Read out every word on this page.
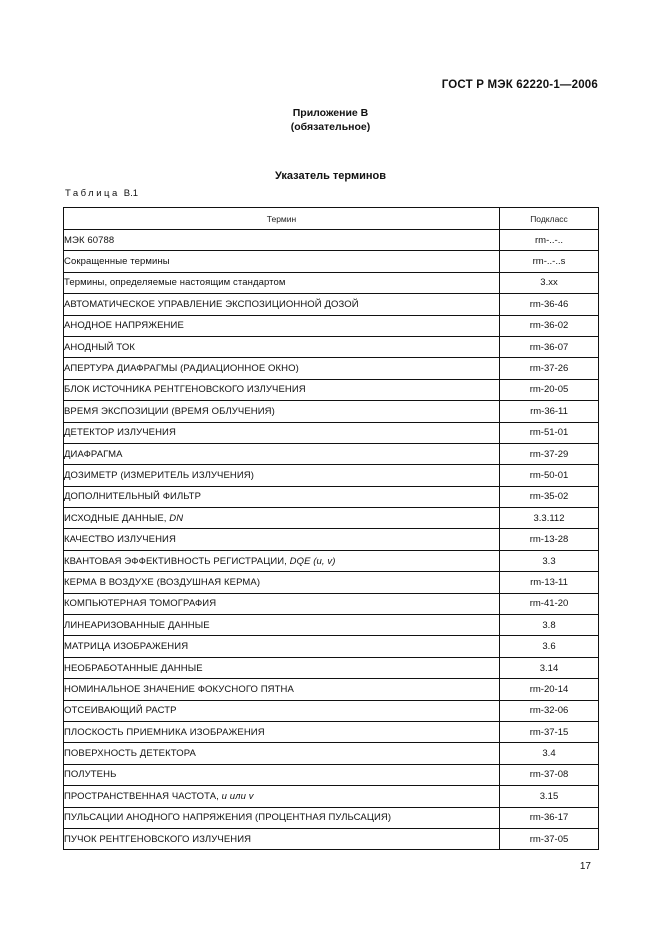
ГОСТ Р МЭК 62220-1—2006
Приложение В
(обязательное)
Указатель терминов
Таблица В.1
Термин	Подкласс
МЭК 60788	rm-..-..
Сокращенные термины	rm-..-..s
Термины, определяемые настоящим стандартом	3.xx
АВТОМАТИЧЕСКОЕ УПРАВЛЕНИЕ ЭКСПОЗИЦИОННОЙ ДОЗОЙ	rm-36-46
АНОДНОЕ НАПРЯЖЕНИЕ	rm-36-02
АНОДНЫЙ ТОК	rm-36-07
АПЕРТУРА ДИАФРАГМЫ (РАДИАЦИОННОЕ ОКНО)	rm-37-26
БЛОК ИСТОЧНИКА РЕНТГЕНОВСКОГО ИЗЛУЧЕНИЯ	rm-20-05
ВРЕМЯ ЭКСПОЗИЦИИ (ВРЕМЯ ОБЛУЧЕНИЯ)	rm-36-11
ДЕТЕКТОР ИЗЛУЧЕНИЯ	rm-51-01
ДИАФРАГМА	rm-37-29
ДОЗИМЕТР (ИЗМЕРИТЕЛЬ ИЗЛУЧЕНИЯ)	rm-50-01
ДОПОЛНИТЕЛЬНЫЙ ФИЛЬТР	rm-35-02
ИСХОДНЫЕ ДАННЫЕ, DN	3.3.112
КАЧЕСТВО ИЗЛУЧЕНИЯ	rm-13-28
КВАНТОВАЯ ЭФФЕКТИВНОСТЬ РЕГИСТРАЦИИ, DQE (u, v)	3.3
КЕРМА В ВОЗДУХЕ (ВОЗДУШНАЯ КЕРМА)	rm-13-11
КОМПЬЮТЕРНАЯ ТОМОГРАФИЯ	rm-41-20
ЛИНЕАРИЗОВАННЫЕ ДАННЫЕ	3.8
МАТРИЦА ИЗОБРАЖЕНИЯ	3.6
НЕОБРАБОТАННЫЕ ДАННЫЕ	3.14
НОМИНАЛЬНОЕ ЗНАЧЕНИЕ ФОКУСНОГО ПЯТНА	rm-20-14
ОТСЕИВАЮЩИЙ РАСТР	rm-32-06
ПЛОСКОСТЬ ПРИЕМНИКА ИЗОБРАЖЕНИЯ	rm-37-15
ПОВЕРХНОСТЬ ДЕТЕКТОРА	3.4
ПОЛУТЕНЬ	rm-37-08
ПРОСТРАНСТВЕННАЯ ЧАСТОТА, u или v	3.15
ПУЛЬСАЦИИ АНОДНОГО НАПРЯЖЕНИЯ (ПРОЦЕНТНАЯ ПУЛЬСАЦИЯ)	rm-36-17
ПУЧОК РЕНТГЕНОВСКОГО ИЗЛУЧЕНИЯ	rm-37-05
17
